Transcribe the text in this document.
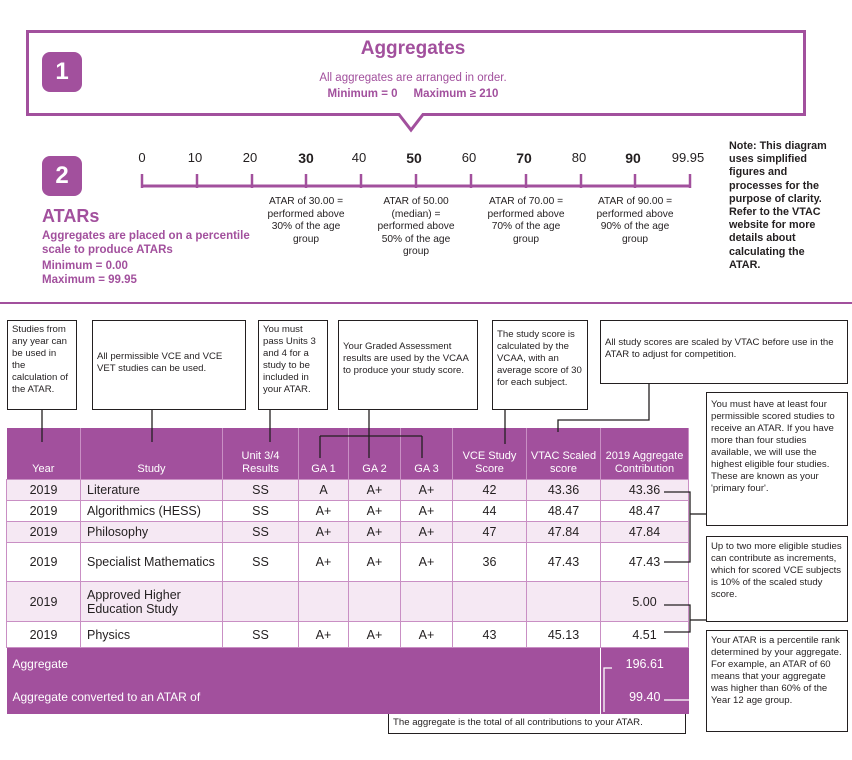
1
Aggregates
All aggregates are arranged in order.
Minimum = 0     Maximum ≥ 210
2
ATARs
Aggregates are placed on a percentile scale to produce ATARs
Minimum = 0.00
Maximum = 99.95
0	10	20	30	40	50	60	70	80	90 99.95
ATAR of 30.00 = performed above 30% of the age group
ATAR of 50.00 (median) = performed above 50% of the age group
ATAR of 70.00 = performed above 70% of the age group
ATAR of 90.00 = performed above 90% of the age group
Note: This diagram uses simplified figures and processes for the purpose of clarity. Refer to the VTAC website for more details about calculating the ATAR.
Studies from any year can be used in the calculation of the ATAR.
All permissible VCE and VCE VET studies can be used.
You must pass Units 3 and 4 for a study to be included in your ATAR.
Your Graded Assessment results are used by the VCAA to produce your study score.
The study score is calculated by the VCAA, with an average score of 30 for each subject.
All study scores are scaled by VTAC before use in the ATAR to adjust for competition.
You must have at least four permissible scored studies to receive an ATAR. If you have more than four studies available, we will use the highest eligible four studies. These are known as your 'primary four'.
Up to two more eligible studies can contribute as increments, which for scored VCE subjects is 10% of the scaled study score.
Your ATAR is a percentile rank determined by your aggregate. For example, an ATAR of 60 means that your aggregate was higher than 60% of the Year 12 age group.
The aggregate is the total of all contributions to your ATAR.
Year	Study	Unit 3/4 Results	GA 1	GA 2	GA 3	VCE Study Score	VTAC Scaled score	2019 Aggregate Contribution
2019	Literature	SS	A	A+	A+	42	43.36	43.36
2019	Algorithmics (HESS)	SS	A+	A+	A+	44	48.47	48.47
2019	Philosophy	SS	A+	A+	A+	47	47.84	47.84
2019	Specialist Mathematics	SS	A+	A+	A+	36	47.43	47.43
2019	Approved Higher Education Study							5.00
2019	Physics	SS	A+	A+	A+	43	45.13	4.51
Aggregate								196.61
Aggregate converted to an ATAR of								99.40
